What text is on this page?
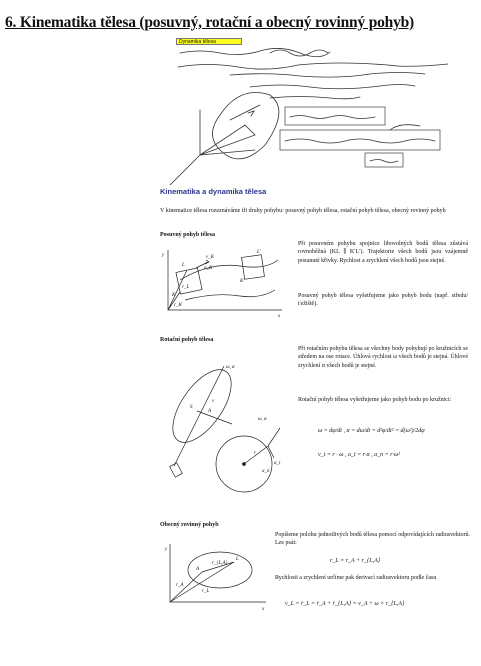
6. Kinematika tělesa (posuvný, rotační a obecný rovinný pohyb)
Dynamika tělesa
Kinematika a dynamika tělesa
V kinematice tělesa rozeznáváme tři druhy pohybu: posuvný pohyb tělesa, rotační pohyb tělesa, obecný rovinný pohyb
Posuvný pohyb tělesa
y
x
L
K
L′
K′
v_K
a_K
r_K
r_L
Při posuvném pohybu spojnice libovolných bodů tělesa zůstává rovnoběžná (KL ∥ K′L′). Trajektorie všech bodů jsou vzájemně posunuté křivky. Rychlost a zrychlení všech bodů jsou stejné.
Posuvný pohyb tělesa vyšetřujeme jako pohyb bodu (např. středu/ťežiště).
Rotační pohyb tělesa
ω, α
ω, α
S
A
r
v
a_n
a_t
Při rotačním pohybu tělesa se všechny body pohybují po kružnicích se středem na ose rotace. Úhlová rychlost ω všech bodů je stejná. Úhlové zrychlení α všech bodů je stejné.
Rotační pohyb tělesa vyšetřujeme jako pohyb bodu po kružnici:
ω = dφ/dt , α = dω/dt = d²φ/dt² = d(ω²)/2dφ
v_t = r · ω , a_t = r·α , a_n = r·ω²
Obecný rovinný pohyb
y
x
A
L
r_A
r_L
r_{L,A}
Popíšeme polohu jednotlivých bodů tělesa pomocí odpovídajících radiusvektorů. Lze psát:
r_L = r_A + r_{L,A}
Rychlosti a zrychlení určíme pak derivací radiusvektoru podle času
v_L = ṙ_L = ṙ_A + ṙ_{L,A} = v_A + ω × r_{L,A}
